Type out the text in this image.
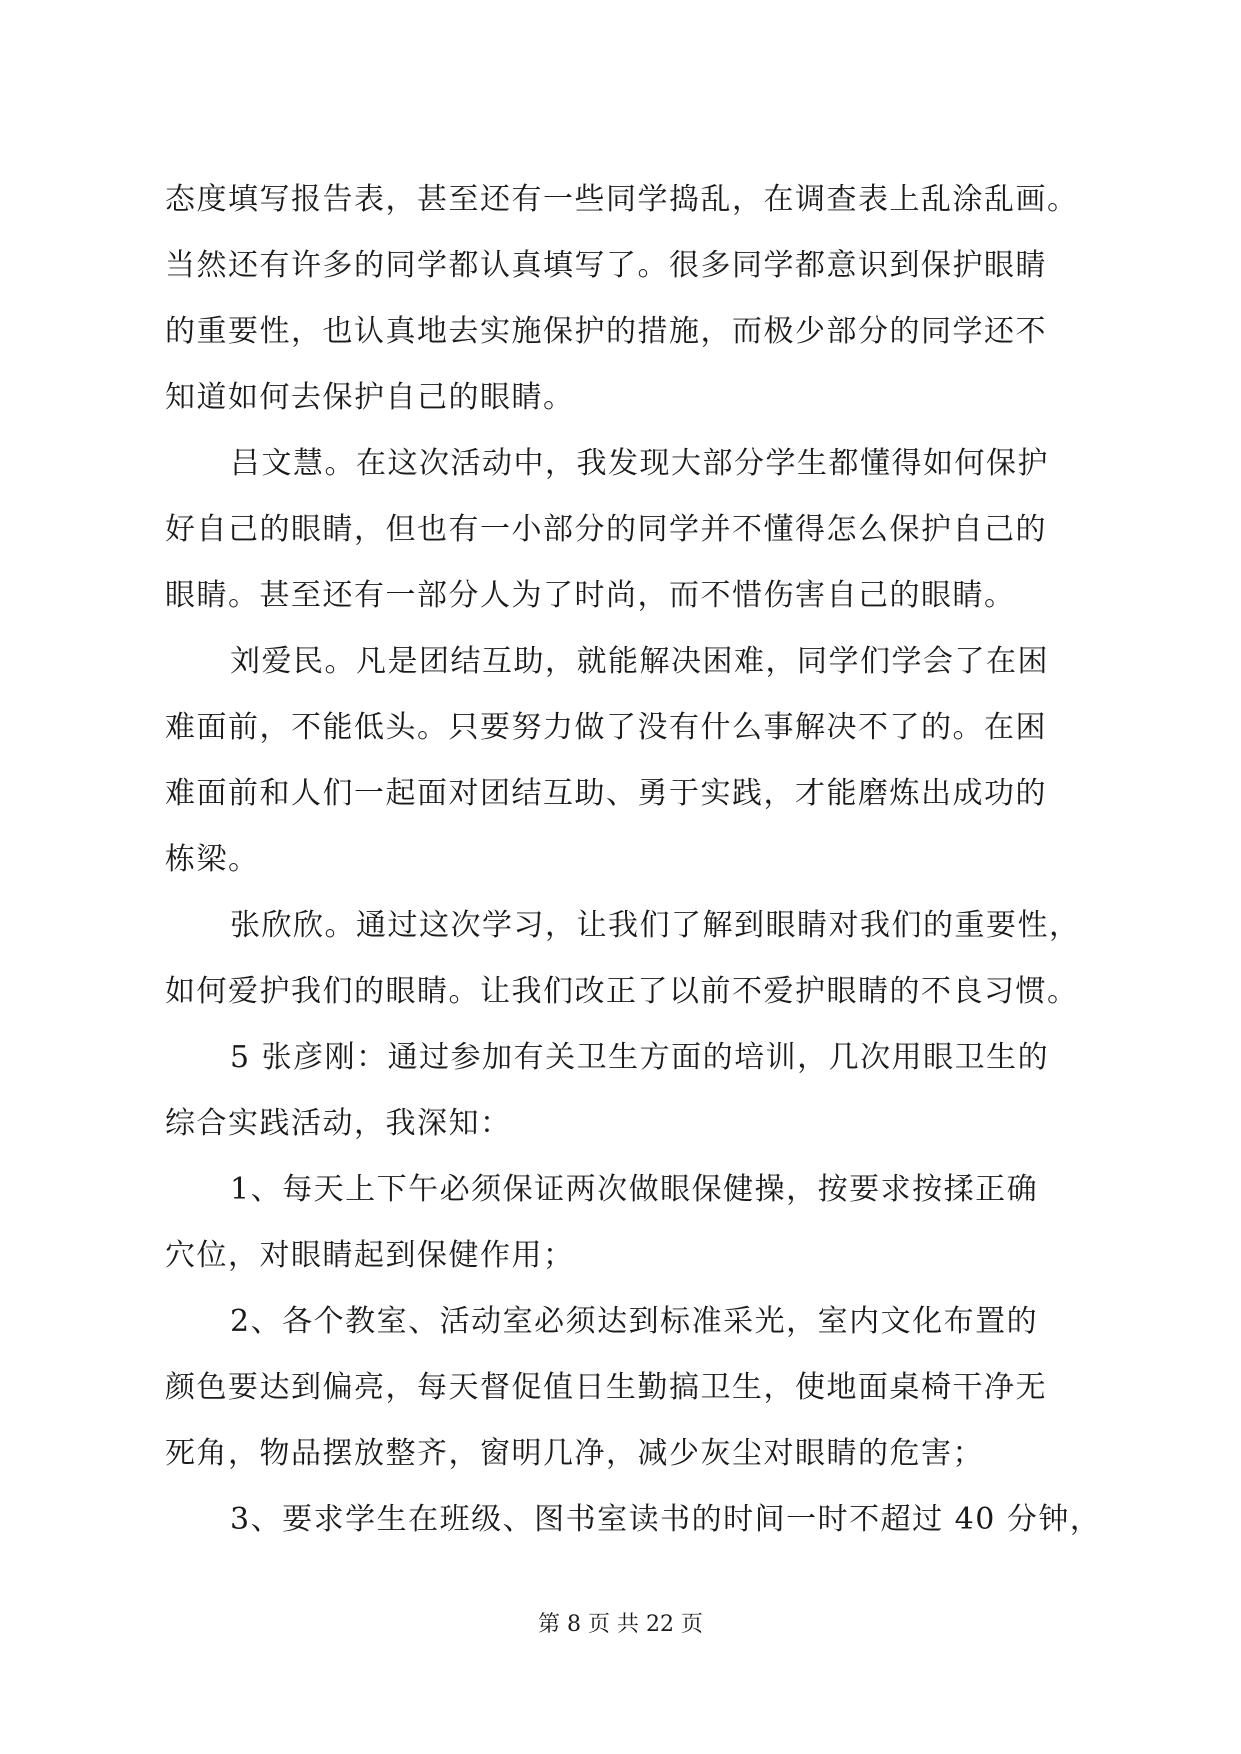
态度填写报告表，甚至还有一些同学捣乱，在调查表上乱涂乱画。
当然还有许多的同学都认真填写了。很多同学都意识到保护眼睛
的重要性，也认真地去实施保护的措施，而极少部分的同学还不
知道如何去保护自己的眼睛。
吕文慧。在这次活动中，我发现大部分学生都懂得如何保护
好自己的眼睛，但也有一小部分的同学并不懂得怎么保护自己的
眼睛。甚至还有一部分人为了时尚，而不惜伤害自己的眼睛。
刘爱民。凡是团结互助，就能解决困难，同学们学会了在困
难面前，不能低头。只要努力做了没有什么事解决不了的。在困
难面前和人们一起面对团结互助、勇于实践，才能磨炼出成功的
栋梁。
张欣欣。通过这次学习，让我们了解到眼睛对我们的重要性，
如何爱护我们的眼睛。让我们改正了以前不爱护眼睛的不良习惯。
5 张彦刚：通过参加有关卫生方面的培训，几次用眼卫生的
综合实践活动，我深知：
1、每天上下午必须保证两次做眼保健操，按要求按揉正确
穴位，对眼睛起到保健作用；
2、各个教室、活动室必须达到标准采光，室内文化布置的
颜色要达到偏亮，每天督促值日生勤搞卫生，使地面桌椅干净无
死角，物品摆放整齐，窗明几净，减少灰尘对眼睛的危害；
3、要求学生在班级、图书室读书的时间一时不超过 40 分钟，
第 8 页 共 22 页
